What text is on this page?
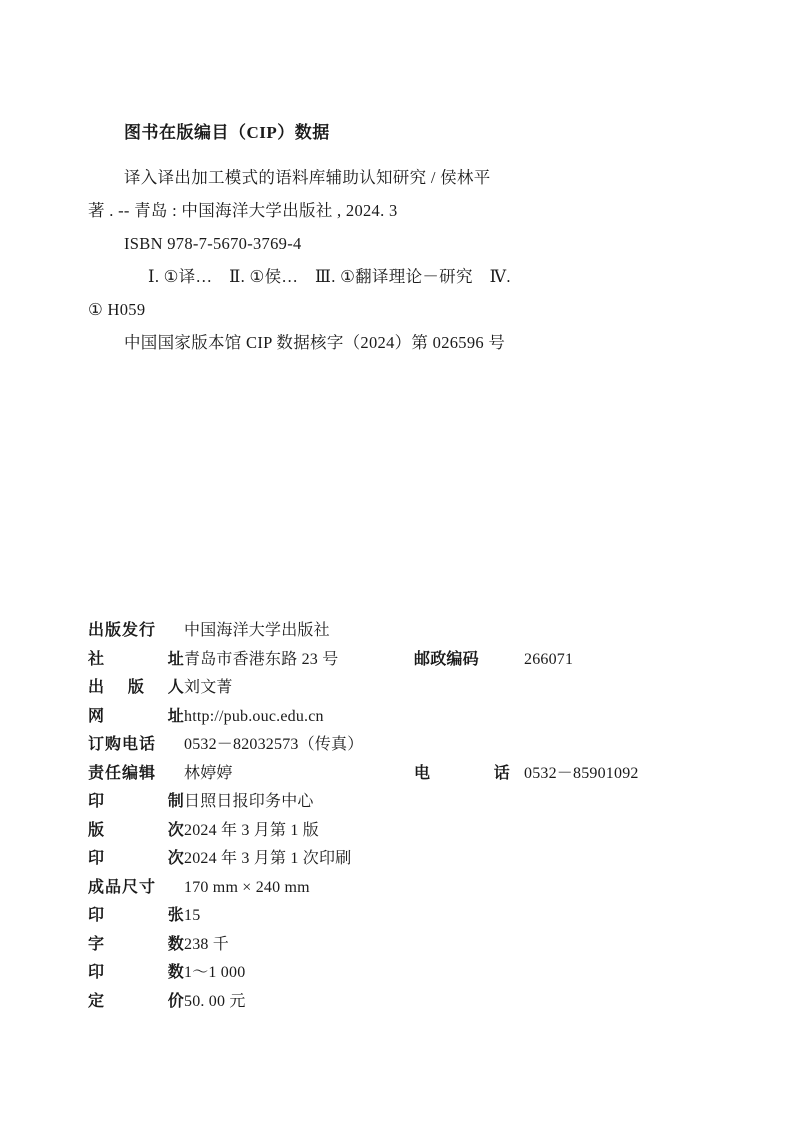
图书在版编目（CIP）数据
译入译出加工模式的语料库辅助认知研究 / 侯林平
著 . -- 青岛 : 中国海洋大学出版社 , 2024. 3
ISBN 978-7-5670-3769-4
Ⅰ. ①译…　Ⅱ. ①侯…　Ⅲ. ①翻译理论－研究　Ⅳ.
① H059
中国国家版本馆 CIP 数据核字（2024）第 026596 号
出版发行	中国海洋大学出版社
社	址 青岛市香港东路 23 号	邮政编码	266071
出 版 人 刘文菁
网	址 http://pub.ouc.edu.cn
订购电话	0532－82032573（传真）
责任编辑	林婷婷	电	话 0532－85901092
印	制 日照日报印务中心
版	次 2024 年 3 月第 1 版
印	次 2024 年 3 月第 1 次印刷
成品尺寸	170 mm × 240 mm
印	张 15
字	数 238 千
印	数 1～1 000
定	价 50. 00 元
